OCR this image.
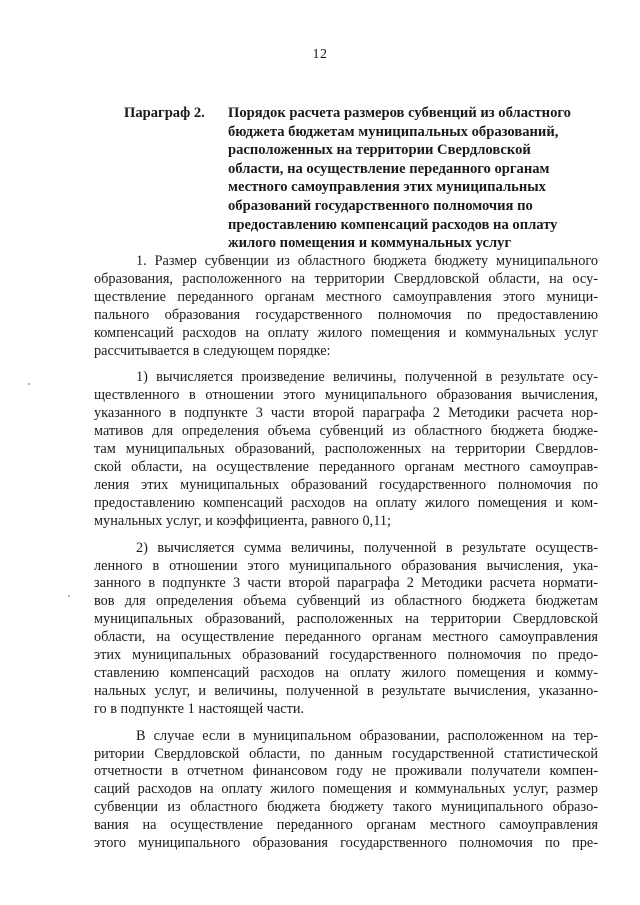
12
Параграф 2.	Порядок расчета размеров субвенций из областного
бюджета бюджетам муниципальных образований,
расположенных на территории Свердловской
области, на осуществление переданного органам
местного самоуправления этих муниципальных
образований государственного полномочия по
предоставлению компенсаций расходов на оплату
жилого помещения и коммунальных услуг
1. Размер субвенции из областного бюджета бюджету муниципального
образования, расположенного на территории Свердловской области, на осу-
ществление переданного органам местного самоуправления этого муници-
пального образования государственного полномочия по предоставлению
компенсаций расходов на оплату жилого помещения и коммунальных услуг
рассчитывается в следующем порядке:
1) вычисляется произведение величины, полученной в результате осу-
ществленного в отношении этого муниципального образования вычисления,
указанного в подпункте 3 части второй параграфа 2 Методики расчета нор-
мативов для определения объема субвенций из областного бюджета бюдже-
там муниципальных образований, расположенных на территории Свердлов-
ской области, на осуществление переданного органам местного самоуправ-
ления этих муниципальных образований государственного полномочия по
предоставлению компенсаций расходов на оплату жилого помещения и ком-
мунальных услуг, и коэффициента, равного 0,11;
2) вычисляется сумма величины, полученной в результате осуществ-
ленного в отношении этого муниципального образования вычисления, ука-
занного в подпункте 3 части второй параграфа 2 Методики расчета нормати-
вов для определения объема субвенций из областного бюджета бюджетам
муниципальных образований, расположенных на территории Свердловской
области, на осуществление переданного органам местного самоуправления
этих муниципальных образований государственного полномочия по предо-
ставлению компенсаций расходов на оплату жилого помещения и комму-
нальных услуг, и величины, полученной в результате вычисления, указанно-
го в подпункте 1 настоящей части.
В случае если в муниципальном образовании, расположенном на тер-
ритории Свердловской области, по данным государственной статистической
отчетности в отчетном финансовом году не проживали получатели компен-
саций расходов на оплату жилого помещения и коммунальных услуг, размер
субвенции из областного бюджета бюджету такого муниципального образо-
вания на осуществление переданного органам местного самоуправления
этого муниципального образования государственного полномочия по пре-
